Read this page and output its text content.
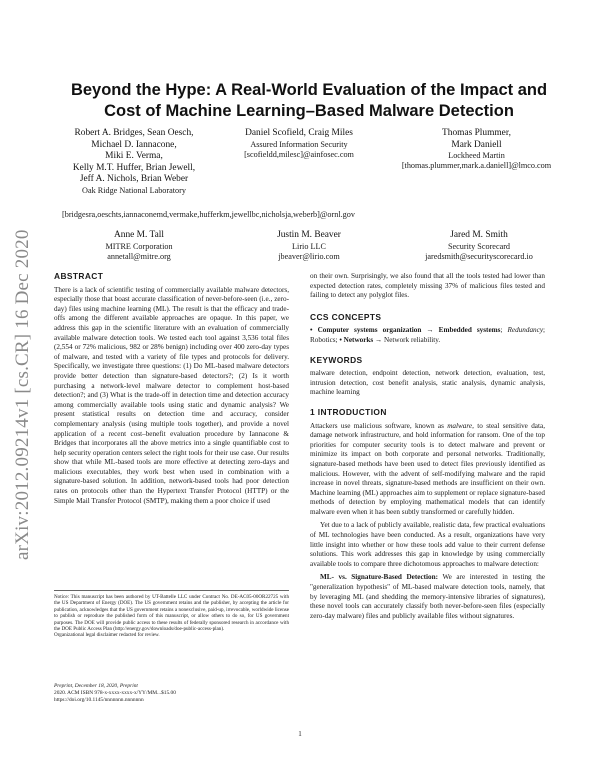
arXiv:2012.09214v1 [cs.CR] 16 Dec 2020
Beyond the Hype: A Real-World Evaluation of the Impact and
Cost of Machine Learning–Based Malware Detection
Robert A. Bridges, Sean Oesch,
Michael D. Iannacone,
Miki E. Verma,
Kelly M.T. Huffer, Brian Jewell,
Jeff A. Nichols, Brian Weber
Oak Ridge National Laboratory
[bridgesra,oeschts,iannaconemd,vermake,hufferkm,jewellbc,nicholsja,weberb]@ornl.gov
Daniel Scofield, Craig Miles
Assured Information Security
[scofieldd,milesc]@ainfosec.com
Thomas Plummer,
Mark Daniell
Lockheed Martin
[thomas.plummer,mark.a.daniell]@lmco.com
Anne M. Tall
MITRE Corporation
annetall@mitre.org
Justin M. Beaver
Lirio LLC
jbeaver@lirio.com
Jared M. Smith
Security Scorecard
jaredsmith@securityscorecard.io
ABSTRACT
There is a lack of scientific testing of commercially available malware detectors, especially those that boast accurate classification of never-before-seen (i.e., zero-day) files using machine learning (ML). The result is that the efficacy and trade-offs among the different available approaches are opaque. In this paper, we address this gap in the scientific literature with an evaluation of commercially available malware detection tools. We tested each tool against 3,536 total files (2,554 or 72% malicious, 982 or 28% benign) including over 400 zero-day types of malware, and tested with a variety of file types and protocols for delivery. Specifically, we investigate three questions: (1) Do ML-based malware detectors provide better detection than signature-based detectors?; (2) Is it worth purchasing a network-level malware detector to complement host-based detection?; and (3) What is the trade-off in detection time and detection accuracy among commercially available tools using static and dynamic analysis? We present statistical results on detection time and accuracy, consider complementary analysis (using multiple tools together), and provide a novel application of a recent cost–benefit evaluation procedure by Iannacone & Bridges that incorporates all the above metrics into a single quantifiable cost to help security operation centers select the right tools for their use case. Our results show that while ML-based tools are more effective at detecting zero-days and malicious executables, they work best when used in combination with a signature-based solution. In addition, network-based tools had poor detection rates on protocols other than the Hypertext Transfer Protocol (HTTP) or the Simple Mail Transfer Protocol (SMTP), making them a poor choice if used
Notice: This manuscript has been authored by UT-Battelle LLC under Contract No. DE-AC05-00OR22725 with the US Department of Energy (DOE). The US government retains and the publisher, by accepting the article for publication, acknowledges that the US government retains a nonexclusive, paid-up, irrevocable, worldwide license to publish or reproduce the published form of this manuscript, or allow others to do so, for US government purposes. The DOE will provide public access to these results of federally sponsored research in accordance with the DOE Public Access Plan (http://energy.gov/downloads/doe-public-access-plan).
Organizational legal disclaimer redacted for review.
Preprint, December 18, 2020, Preprint
2020. ACM ISBN 978-x-xxxx-xxxx-x/YY/MM...$15.00
https://doi.org/10.1145/nnnnnnn.nnnnnnn
on their own. Surprisingly, we also found that all the tools tested had lower than expected detection rates, completely missing 37% of malicious files tested and failing to detect any polyglot files.
CCS CONCEPTS
• Computer systems organization → Embedded systems; Redundancy; Robotics; • Networks → Network reliability.
KEYWORDS
malware detection, endpoint detection, network detection, evaluation, test, intrusion detection, cost benefit analysis, static analysis, dynamic analysis, machine learning
1 INTRODUCTION
Attackers use malicious software, known as malware, to steal sensitive data, damage network infrastructure, and hold information for ransom. One of the top priorities for computer security tools is to detect malware and prevent or minimize its impact on both corporate and personal networks. Traditionally, signature-based methods have been used to detect files previously identified as malicious. However, with the advent of self-modifying malware and the rapid increase in novel threats, signature-based methods are insufficient on their own. Machine learning (ML) approaches aim to supplement or replace signature-based methods of detection by employing mathematical models that can identify malware even when it has been subtly transformed or carefully hidden.
Yet due to a lack of publicly available, realistic data, few practical evaluations of ML technologies have been conducted. As a result, organizations have very little insight into whether or how these tools add value to their current defense solutions. This work addresses this gap in knowledge by using commercially available tools to compare three dichotomous approaches to malware detection:
ML- vs. Signature-Based Detection: We are interested in testing the "generalization hypothesis" of ML-based malware detection tools, namely, that by leveraging ML (and shedding the memory-intensive libraries of signatures), these novel tools can accurately classify both never-before-seen files (especially zero-day malware) files and publicly available files without signatures.
1
